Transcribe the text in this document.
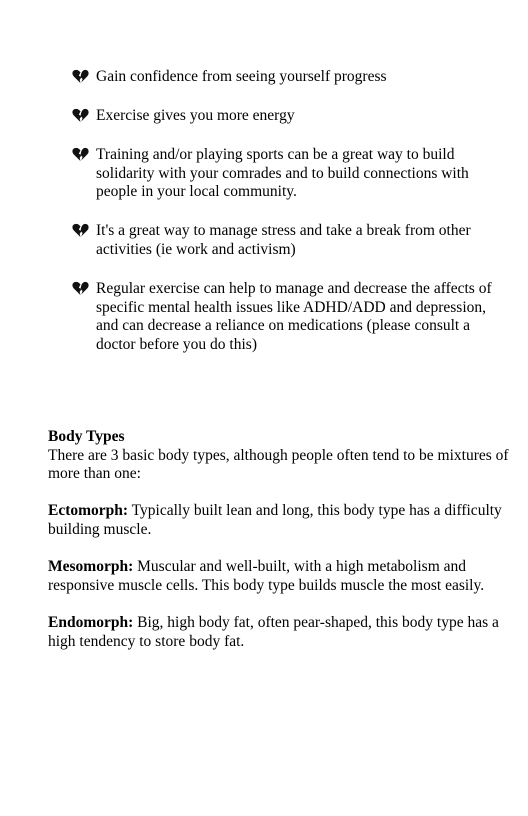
Gain confidence from seeing yourself progress
Exercise gives you more energy
Training and/or playing sports can be a great way to build solidarity with your comrades and to build connections with people in your local community.
It's a great way to manage stress and take a break from other activities (ie work and activism)
Regular exercise can help to manage and decrease the affects of specific mental health issues like ADHD/ADD and depression, and can decrease a reliance on medications (please consult a doctor before you do this)
Body Types
There are 3 basic body types, although people often tend to be mixtures of more than one:
Ectomorph: Typically built lean and long, this body type has a difficulty building muscle.
Mesomorph: Muscular and well-built, with a high metabolism and responsive muscle cells. This body type builds muscle the most easily.
Endomorph: Big, high body fat, often pear-shaped, this body type has a high tendency to store body fat.
